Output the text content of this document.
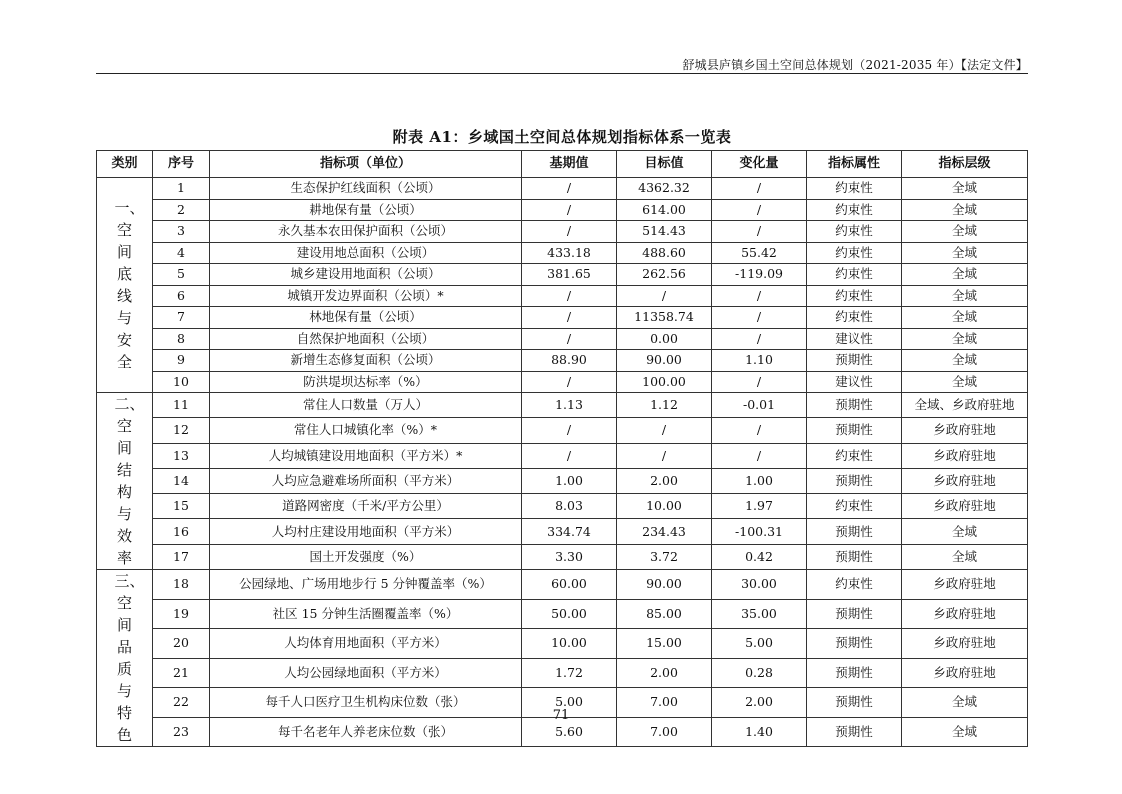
舒城县庐镇乡国土空间总体规划（2021-2035 年）【法定文件】
附表 A1：乡域国土空间总体规划指标体系一览表
类别	序号	指标项（单位）	基期值	目标值	变化量	指标属性	指标层级
一、空间底线与安全	1	生态保护红线面积（公顷）	/	4362.32	/	约束性	全域
	2	耕地保有量（公顷）	/	614.00	/	约束性	全域
	3	永久基本农田保护面积（公顷）	/	514.43	/	约束性	全域
	4	建设用地总面积（公顷）	433.18	488.60	55.42	约束性	全域
	5	城乡建设用地面积（公顷）	381.65	262.56	-119.09	约束性	全域
	6	城镇开发边界面积（公顷）*	/	/	/	约束性	全域
	7	林地保有量（公顷）	/	11358.74	/	约束性	全域
	8	自然保护地面积（公顷）	/	0.00	/	建议性	全域
	9	新增生态修复面积（公顷）	88.90	90.00	1.10	预期性	全域
	10	防洪堤坝达标率（%）	/	100.00	/	建议性	全域
二、空间结构与效率	11	常住人口数量（万人）	1.13	1.12	-0.01	预期性	全域、乡政府驻地
	12	常住人口城镇化率（%）*	/	/	/	预期性	乡政府驻地
	13	人均城镇建设用地面积（平方米）*	/	/	/	约束性	乡政府驻地
	14	人均应急避难场所面积（平方米）	1.00	2.00	1.00	预期性	乡政府驻地
	15	道路网密度（千米/平方公里）	8.03	10.00	1.97	约束性	乡政府驻地
	16	人均村庄建设用地面积（平方米）	334.74	234.43	-100.31	预期性	全域
	17	国土开发强度（%）	3.30	3.72	0.42	预期性	全域
三、空间品质与特色	18	公园绿地、广场用地步行 5 分钟覆盖率（%）	60.00	90.00	30.00	约束性	乡政府驻地
	19	社区 15 分钟生活圈覆盖率（%）	50.00	85.00	35.00	预期性	乡政府驻地
	20	人均体育用地面积（平方米）	10.00	15.00	5.00	预期性	乡政府驻地
	21	人均公园绿地面积（平方米）	1.72	2.00	0.28	预期性	乡政府驻地
	22	每千人口医疗卫生机构床位数（张）	5.00	7.00	2.00	预期性	全域
	23	每千名老年人养老床位数（张）	5.60	7.00	1.40	预期性	全域
71
